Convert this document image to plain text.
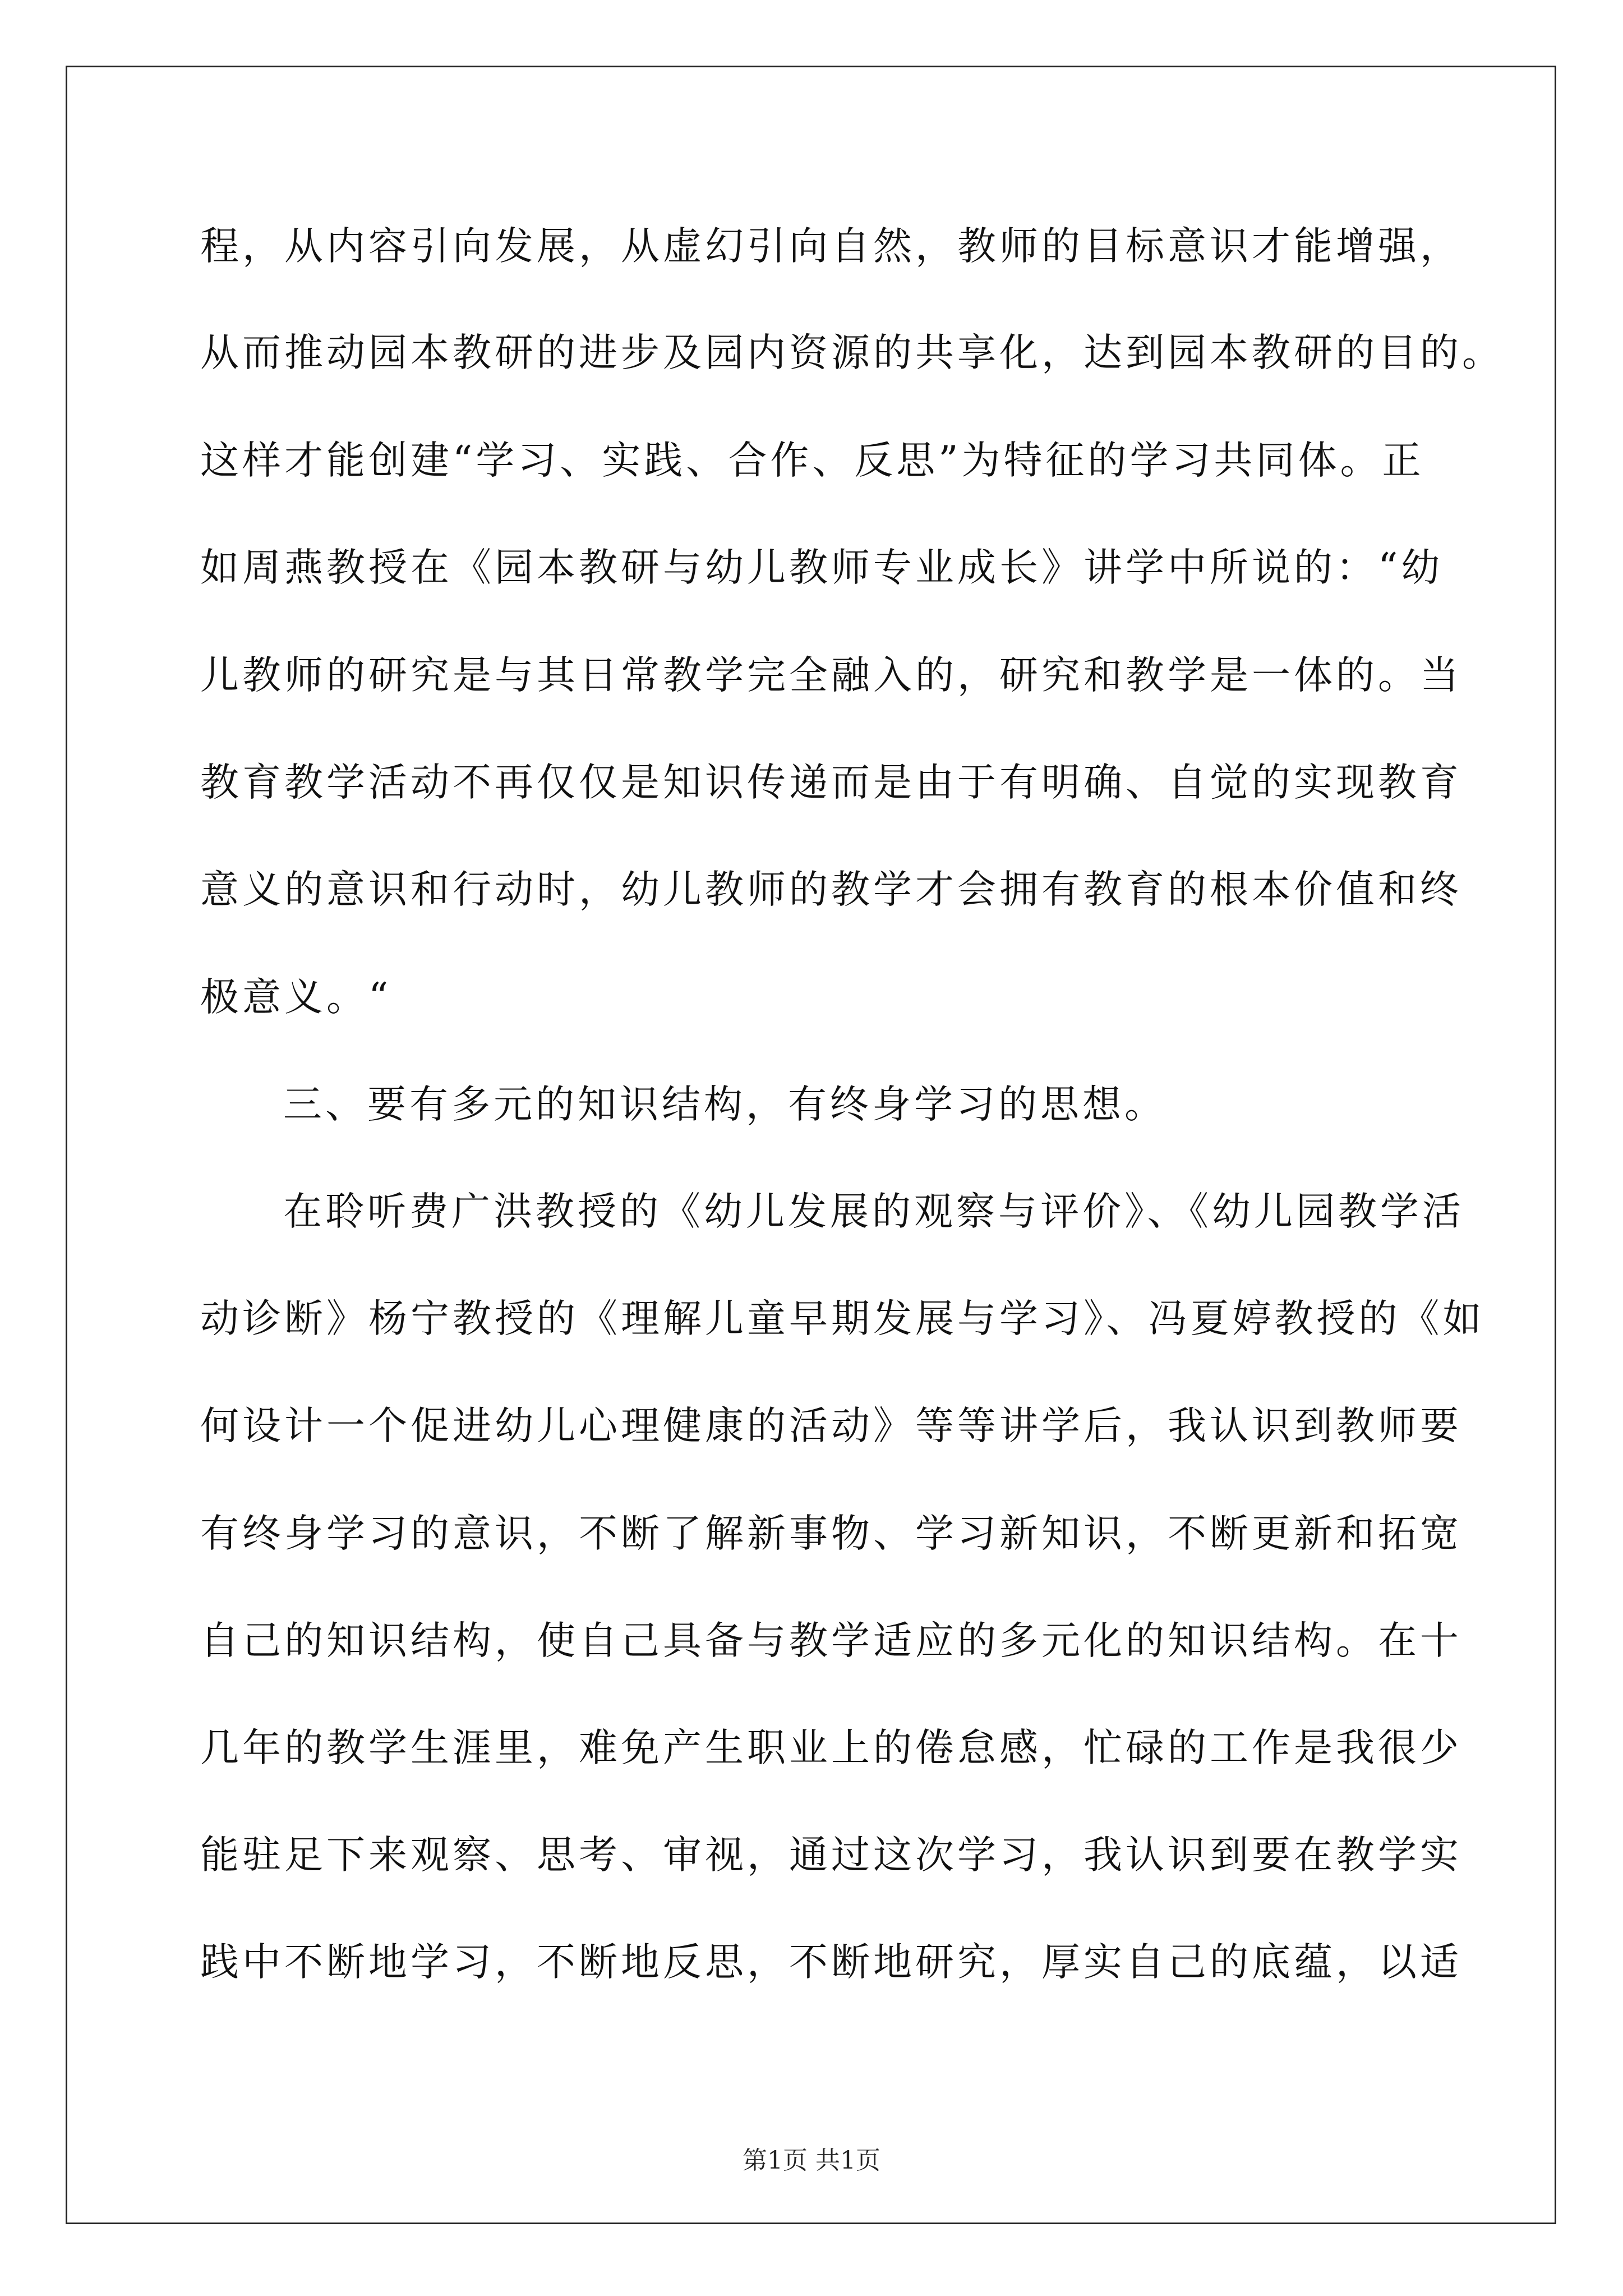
程，从内容引向发展，从虚幻引向自然，教师的目标意识才能增强，
从而推动园本教研的进步及园内资源的共享化，达到园本教研的目的。
这样才能创建“学习、实践、合作、反思”为特征的学习共同体。正
如周燕教授在《园本教研与幼儿教师专业成长》讲学中所说的：“幼
儿教师的研究是与其日常教学完全融入的，研究和教学是一体的。当
教育教学活动不再仅仅是知识传递而是由于有明确、自觉的实现教育
意义的意识和行动时，幼儿教师的教学才会拥有教育的根本价值和终
极意义。“
三、要有多元的知识结构，有终身学习的思想。
在聆听费广洪教授的《幼儿发展的观察与评价》、《幼儿园教学活
动诊断》杨宁教授的《理解儿童早期发展与学习》、冯夏婷教授的《如
何设计一个促进幼儿心理健康的活动》等等讲学后，我认识到教师要
有终身学习的意识，不断了解新事物、学习新知识，不断更新和拓宽
自己的知识结构，使自己具备与教学适应的多元化的知识结构。在十
几年的教学生涯里，难免产生职业上的倦怠感，忙碌的工作是我很少
能驻足下来观察、思考、审视，通过这次学习，我认识到要在教学实
践中不断地学习，不断地反思，不断地研究，厚实自己的底蕴，以适
第1页 共1页
